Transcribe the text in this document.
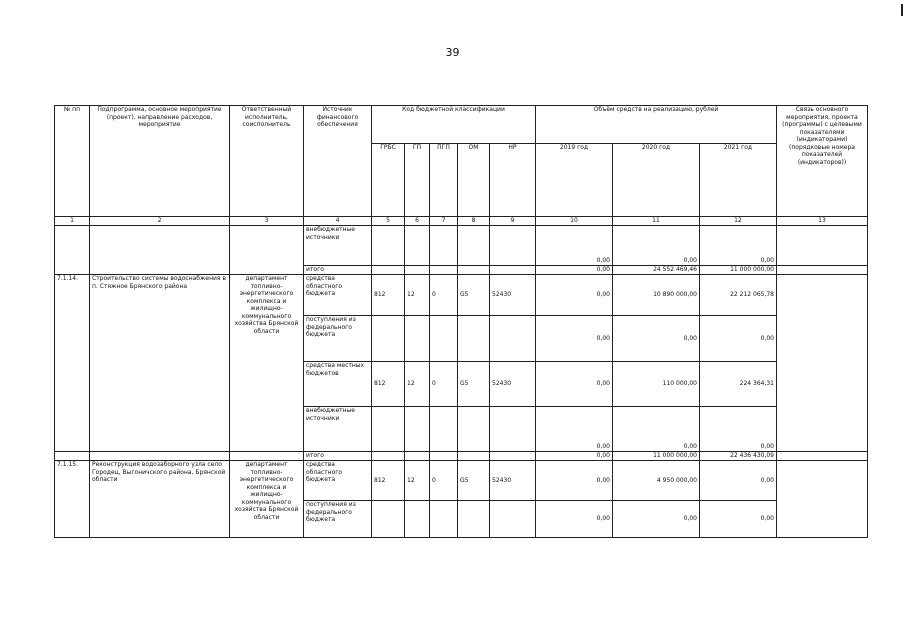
39
№ пп	Подпрограмма, основное мероприятие (проект), направление расходов, мероприятие	Ответственный исполнитель, соисполнитель	Источник финансового обеспечения	Код бюджетной классификации					Объём средств на реализацию, рублей			Связь основного мероприятия, проекта (программы) с целевыми показателями (индикаторами) (порядковые номера показателей (индикаторов))
				ГРБС	ГП	ПГП	ОМ	НР	2019 год	2020 год	2021 год	
1	2	3	4	5	6	7	8	9	10	11	12	13
			внебюджетные источники						0,00	0,00	0,00	
			итого						0,00	24 552 469,46	11 000 000,00	
7.1.14.	Строительство системы водоснабжения в п. Стяжное Брянского района	департамент топливно-энергетического комплекса и жилищно-коммунального хозяйства Брянской области	средства областного бюджета	812	12	0	G5	52430	0,00	10 890 000,00	22 212 065,78	
			поступления из федерального бюджета						0,00	0,00	0,00	
			средства местных бюджетов	812	12	0	G5	52430	0,00	110 000,00	224 364,31	
			внебюджетные источники						0,00	0,00	0,00	
			итого						0,00	11 000 000,00	22 436 430,09	
7.1.15.	Реконструкция водозаборного узла село Городец, Выгоничского района, Брянской области	департамент топливно-энергетического комплекса и жилищно-коммунального хозяйства Брянской области	средства областного бюджета	812	12	0	G5	52430	0,00	4 950 000,00	0,00	
			поступления из федерального бюджета						0,00	0,00	0,00	
